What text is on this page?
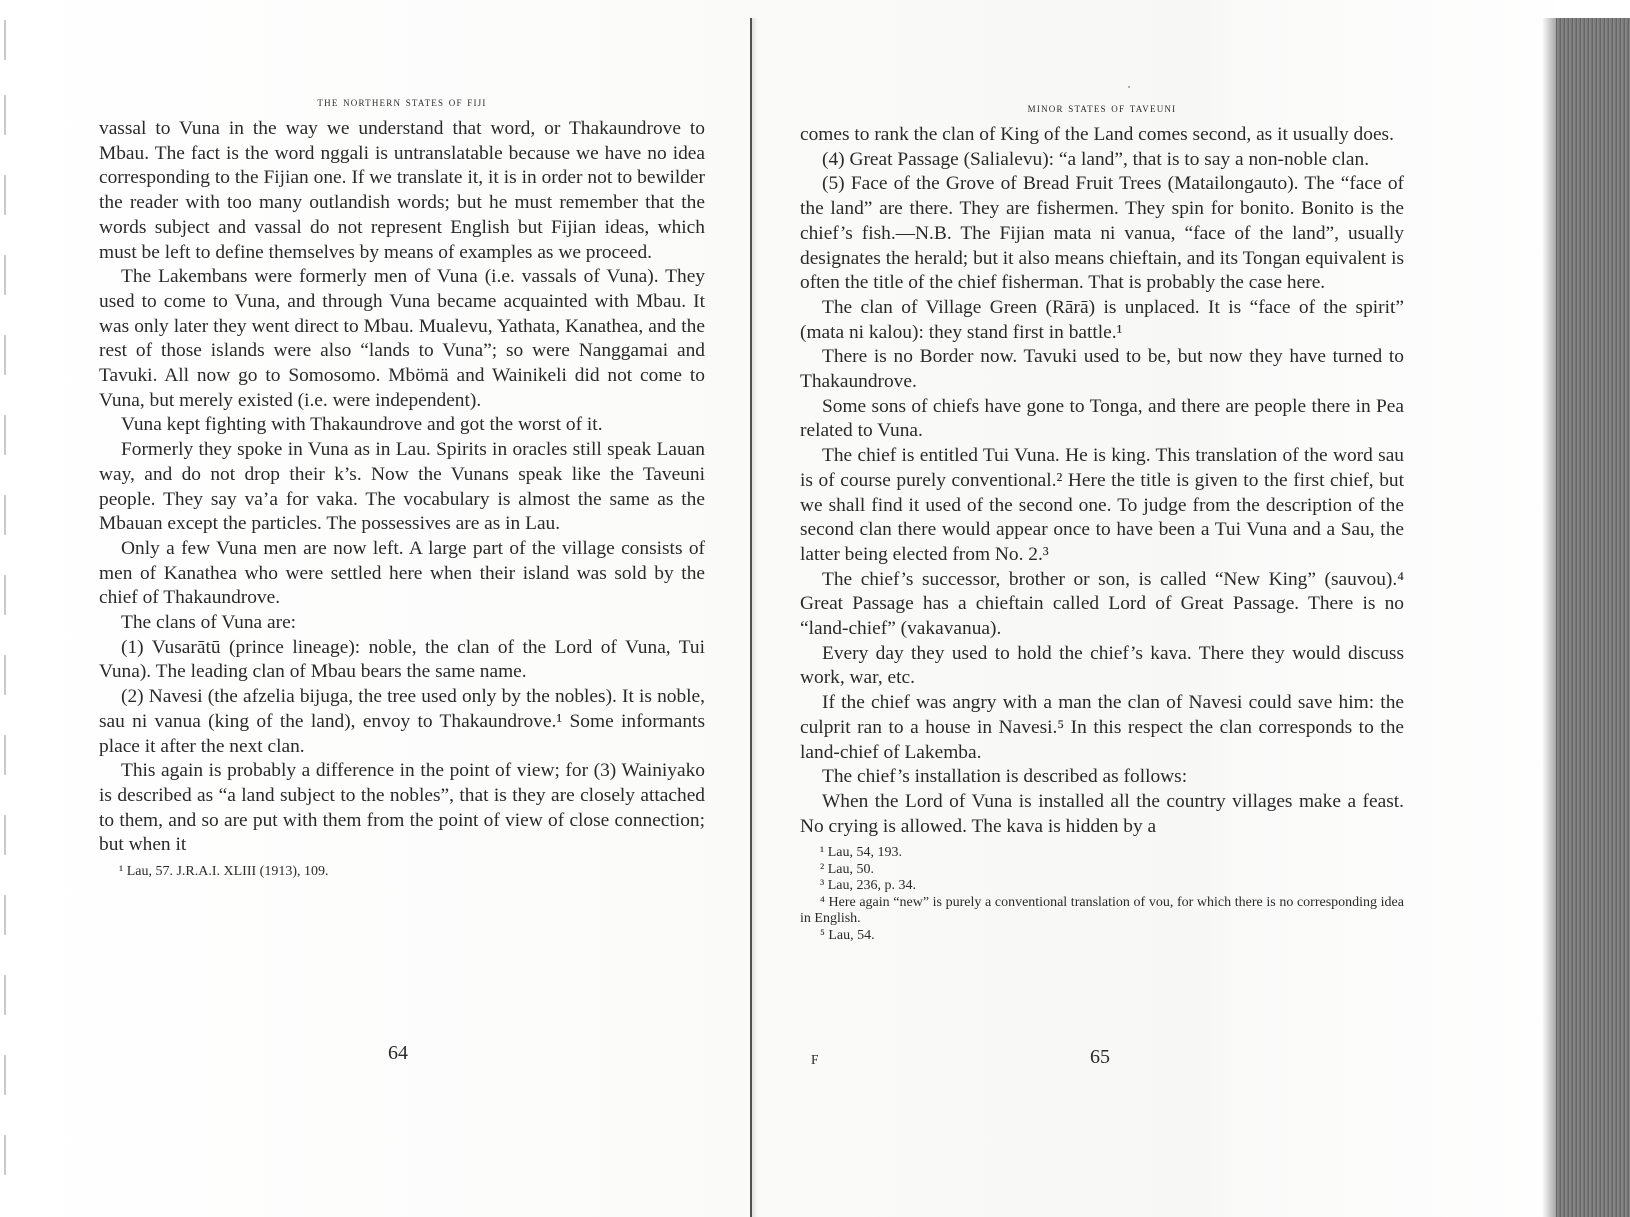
the northern states of fiji

vassal to Vuna in the way we understand that word, or Thakaundrove to Mbau. The fact is the word nggali is untranslatable because we have no idea corresponding to the Fijian one. If we translate it, it is in order not to bewilder the reader with too many outlandish words; but he must remember that the words subject and vassal do not represent English but Fijian ideas, which must be left to define themselves by means of examples as we proceed.

The Lakembans were formerly men of Vuna (i.e. vassals of Vuna). They used to come to Vuna, and through Vuna became acquainted with Mbau. It was only later they went direct to Mbau. Mualevu, Yathata, Kanathea, and the rest of those islands were also “lands to Vuna”; so were Nanggamai and Tavuki. All now go to Somosomo. Mbömä and Wainikeli did not come to Vuna, but merely existed (i.e. were independent).

Vuna kept fighting with Thakaundrove and got the worst of it.

Formerly they spoke in Vuna as in Lau. Spirits in oracles still speak Lauan way, and do not drop their k’s. Now the Vunans speak like the Taveuni people. They say va’a for vaka. The vocabulary is almost the same as the Mbauan except the particles. The possessives are as in Lau.

Only a few Vuna men are now left. A large part of the village consists of men of Kanathea who were settled here when their island was sold by the chief of Thakaundrove.

The clans of Vuna are:

(1) Vusarātū (prince lineage): noble, the clan of the Lord of Vuna, Tui Vuna). The leading clan of Mbau bears the same name.

(2) Navesi (the afzelia bijuga, the tree used only by the nobles). It is noble, sau ni vanua (king of the land), envoy to Thakaundrove.¹ Some informants place it after the next clan.

This again is probably a difference in the point of view; for (3) Wainiyako is described as “a land subject to the nobles”, that is they are closely attached to them, and so are put with them from the point of view of close connection; but when it

¹ Lau, 57. J.R.A.I. XLIII (1913), 109.

64
minor states of taveuni

comes to rank the clan of King of the Land comes second, as it usually does.

(4) Great Passage (Salialevu): “a land”, that is to say a non-noble clan.

(5) Face of the Grove of Bread Fruit Trees (Matailongauto). The “face of the land” are there. They are fishermen. They spin for bonito. Bonito is the chief’s fish.—N.B. The Fijian mata ni vanua, “face of the land”, usually designates the herald; but it also means chieftain, and its Tongan equivalent is often the title of the chief fisherman. That is probably the case here.

The clan of Village Green (Rārā) is unplaced. It is “face of the spirit” (mata ni kalou): they stand first in battle.¹

There is no Border now. Tavuki used to be, but now they have turned to Thakaundrove.

Some sons of chiefs have gone to Tonga, and there are people there in Pea related to Vuna.

The chief is entitled Tui Vuna. He is king. This translation of the word sau is of course purely conventional.² Here the title is given to the first chief, but we shall find it used of the second one. To judge from the description of the second clan there would appear once to have been a Tui Vuna and a Sau, the latter being elected from No. 2.³

The chief’s successor, brother or son, is called “New King” (sauvou).⁴ Great Passage has a chieftain called Lord of Great Passage. There is no “land-chief” (vakavanua).

Every day they used to hold the chief’s kava. There they would discuss work, war, etc.

If the chief was angry with a man the clan of Navesi could save him: the culprit ran to a house in Navesi.⁵ In this respect the clan corresponds to the land-chief of Lakemba.

The chief’s installation is described as follows:

When the Lord of Vuna is installed all the country villages make a feast. No crying is allowed. The kava is hidden by a

¹ Lau, 54, 193.

² Lau, 50.

³ Lau, 236, p. 34.

⁴ Here again “new” is purely a conventional translation of vou, for which there is no corresponding idea in English.

⁵ Lau, 54.

F	65
